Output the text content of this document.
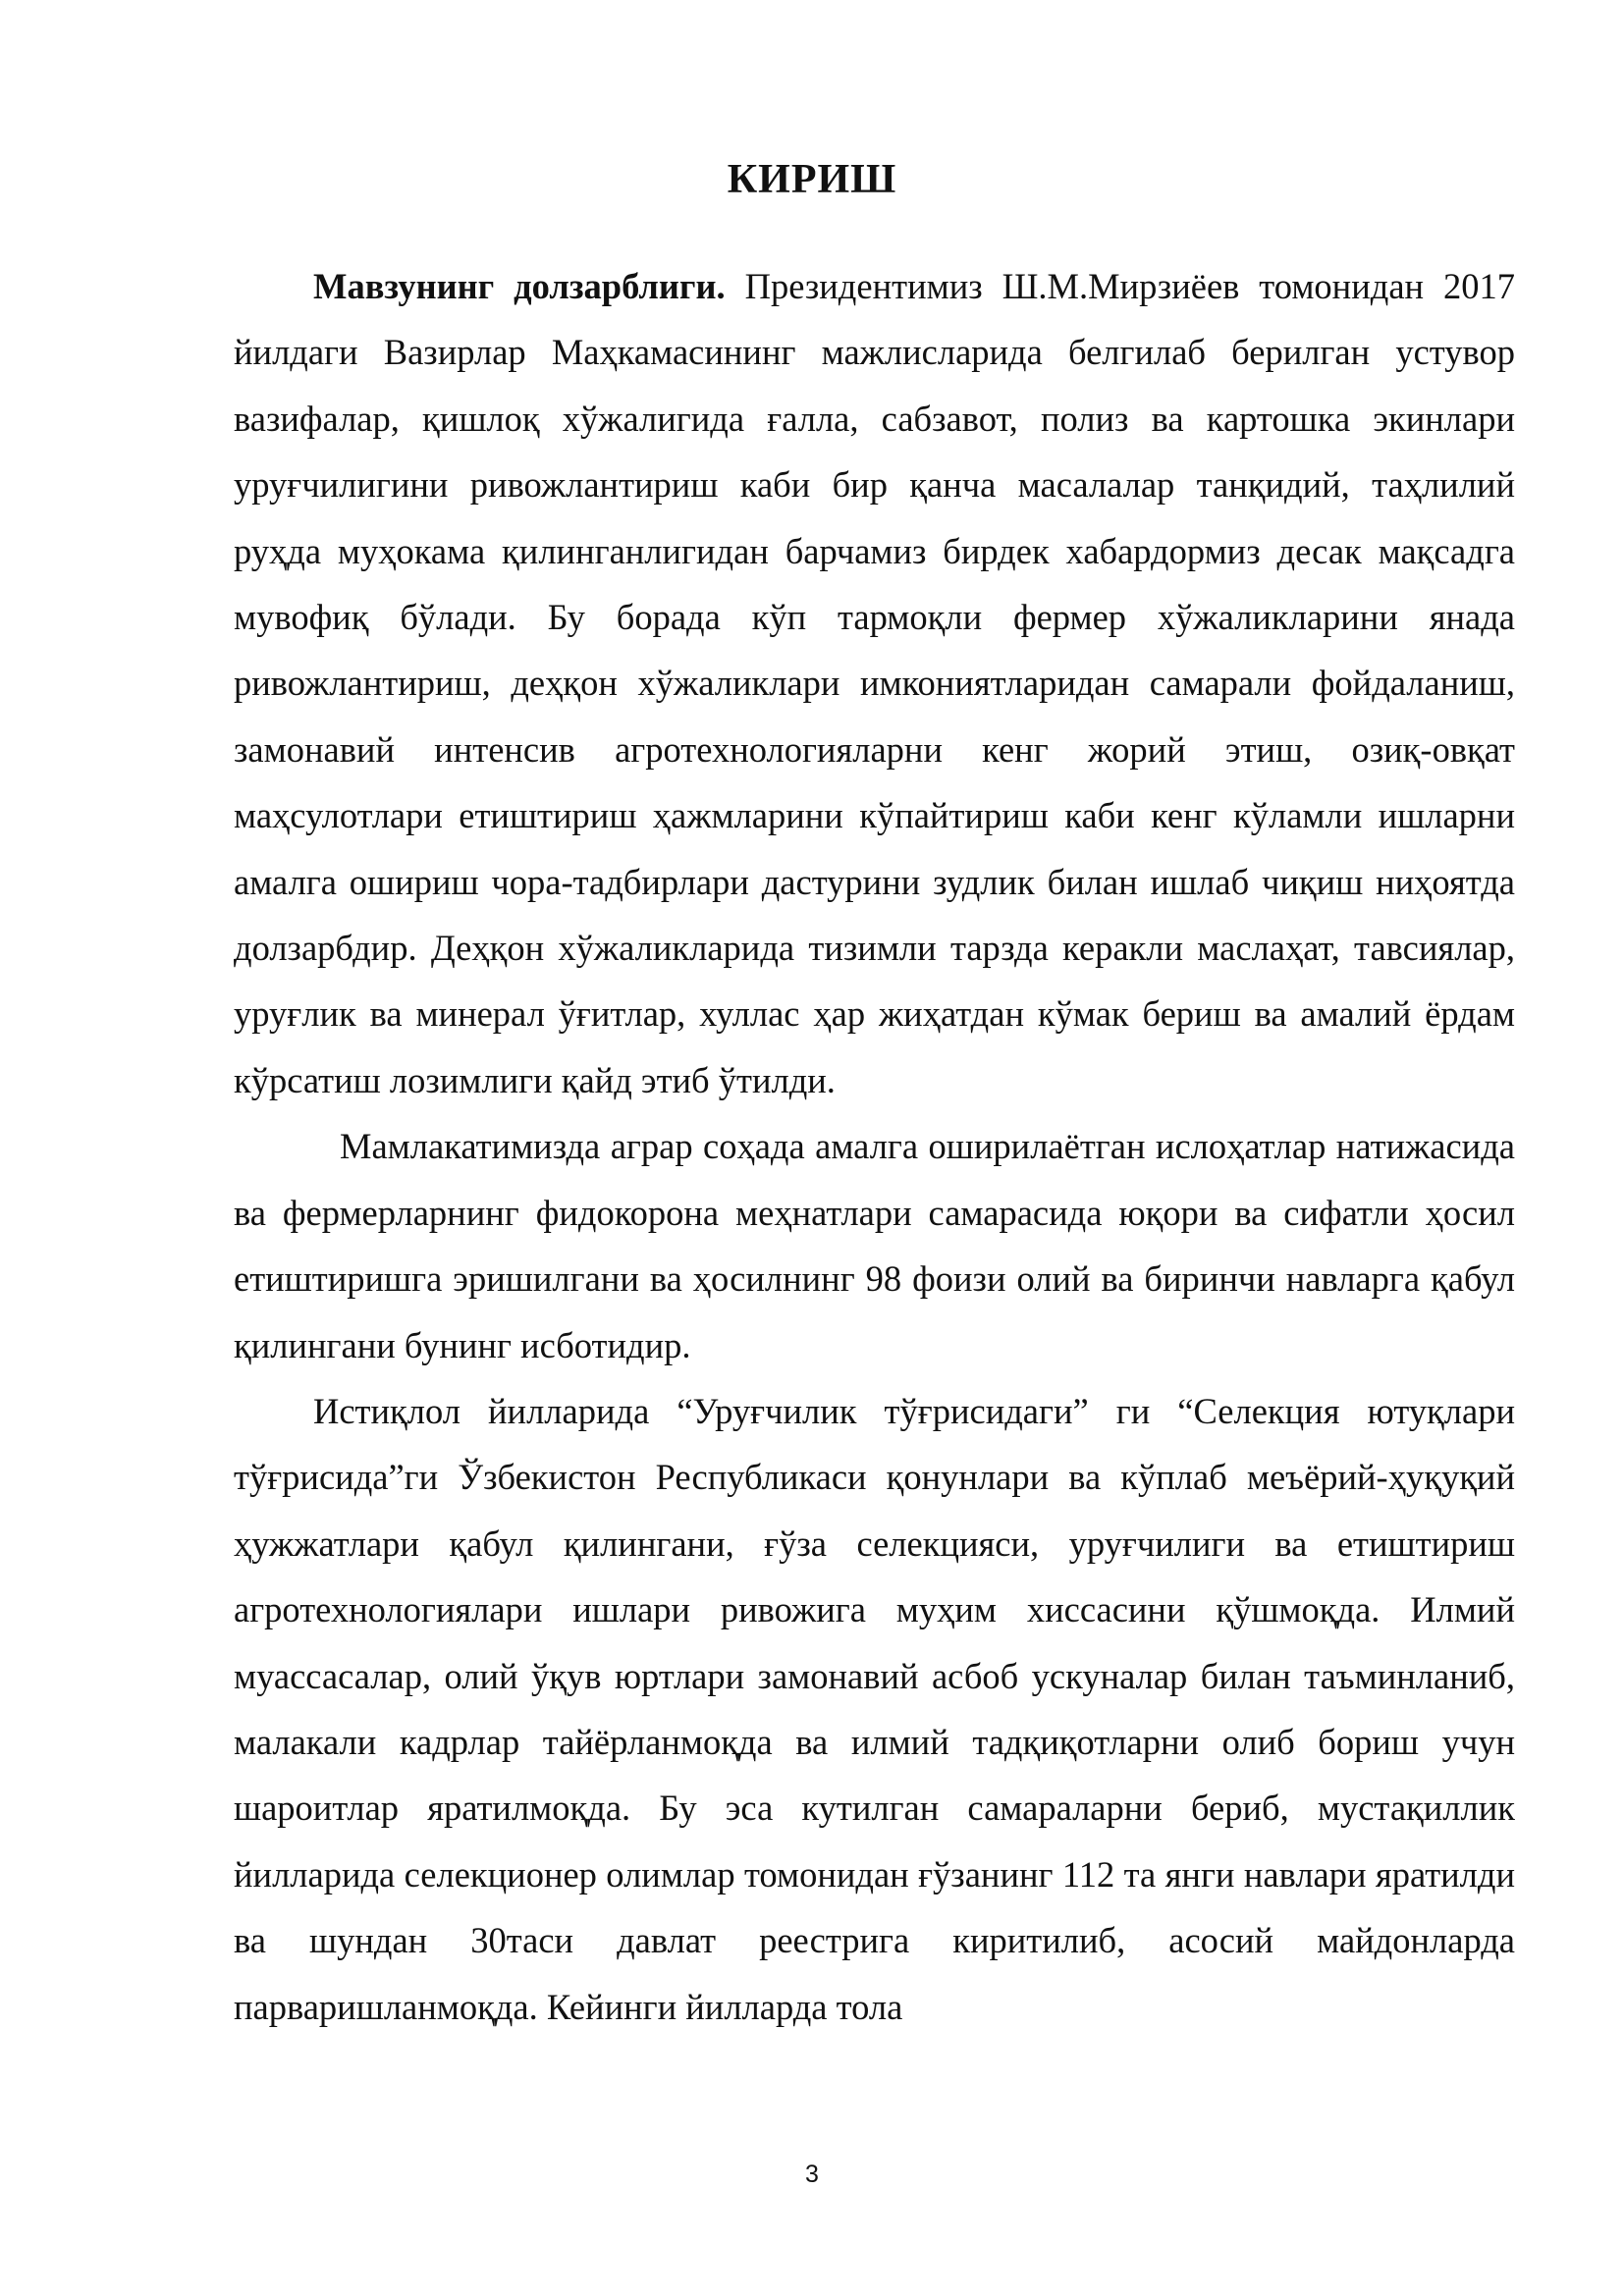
КИРИШ

Мавзунинг долзарблиги. Президентимиз Ш.М.Мирзиёев томонидан 2017 йилдаги Вазирлар Маҳкамасининг мажлисларида белгилаб берилган устувор вазифалар, қишлоқ хўжалигида ғалла, сабзавот, полиз ва картошка экинлари уруғчилигини ривожлантириш каби бир қанча масалалар танқидий, таҳлилий руҳда муҳокама қилинганлигидан барчамиз бирдек хабардормиз десак мақсадга мувофиқ бўлади. Бу борада кўп тармоқли фермер хўжаликларини янада ривожлантириш, деҳқон хўжаликлари имкониятларидан самарали фойдаланиш, замонавий интенсив агротехнологияларни кенг жорий этиш, озиқ-овқат маҳсулотлари етиштириш ҳажмларини кўпайтириш каби кенг кўламли ишларни амалга ошириш чора-тадбирлари дастурини зудлик билан ишлаб чиқиш ниҳоятда долзарбдир. Деҳқон хўжаликларида тизимли тарзда керакли маслаҳат, тавсиялар, уруғлик ва минерал ўғитлар, хуллас ҳар жиҳатдан кўмак бериш ва амалий ёрдам кўрсатиш лозимлиги қайд этиб ўтилди.

Мамлакатимизда аграр соҳада амалга оширилаётган ислоҳатлар натижасида ва фермерларнинг фидокорона меҳнатлари самарасида юқори ва сифатли ҳосил етиштиришга эришилгани ва ҳосилнинг 98 фоизи олий ва биринчи навларга қабул қилингани бунинг исботидир.

Истиқлол йилларида “Уруғчилик тўғрисидаги” ги “Селекция ютуқлари тўғрисида”ги Ўзбекистон Республикаси қонунлари ва кўплаб меъёрий-ҳуқуқий ҳужжатлари қабул қилингани, ғўза селекцияси, уруғчилиги ва етиштириш агротехнологиялари ишлари ривожига муҳим хиссасини қўшмоқда. Илмий муассасалар, олий ўқув юртлари замонавий асбоб ускуналар билан таъминланиб, малакали кадрлар тайёрланмоқда ва илмий тадқиқотларни олиб бориш учун шароитлар яратилмоқда. Бу эса кутилган самараларни бериб, мустақиллик йилларида селекционер олимлар томонидан ғўзанинг 112 та янги навлари яратилди ва шундан 30таси давлат реестрига киритилиб, асосий майдонларда парваришланмоқда. Кейинги йилларда тола

3
